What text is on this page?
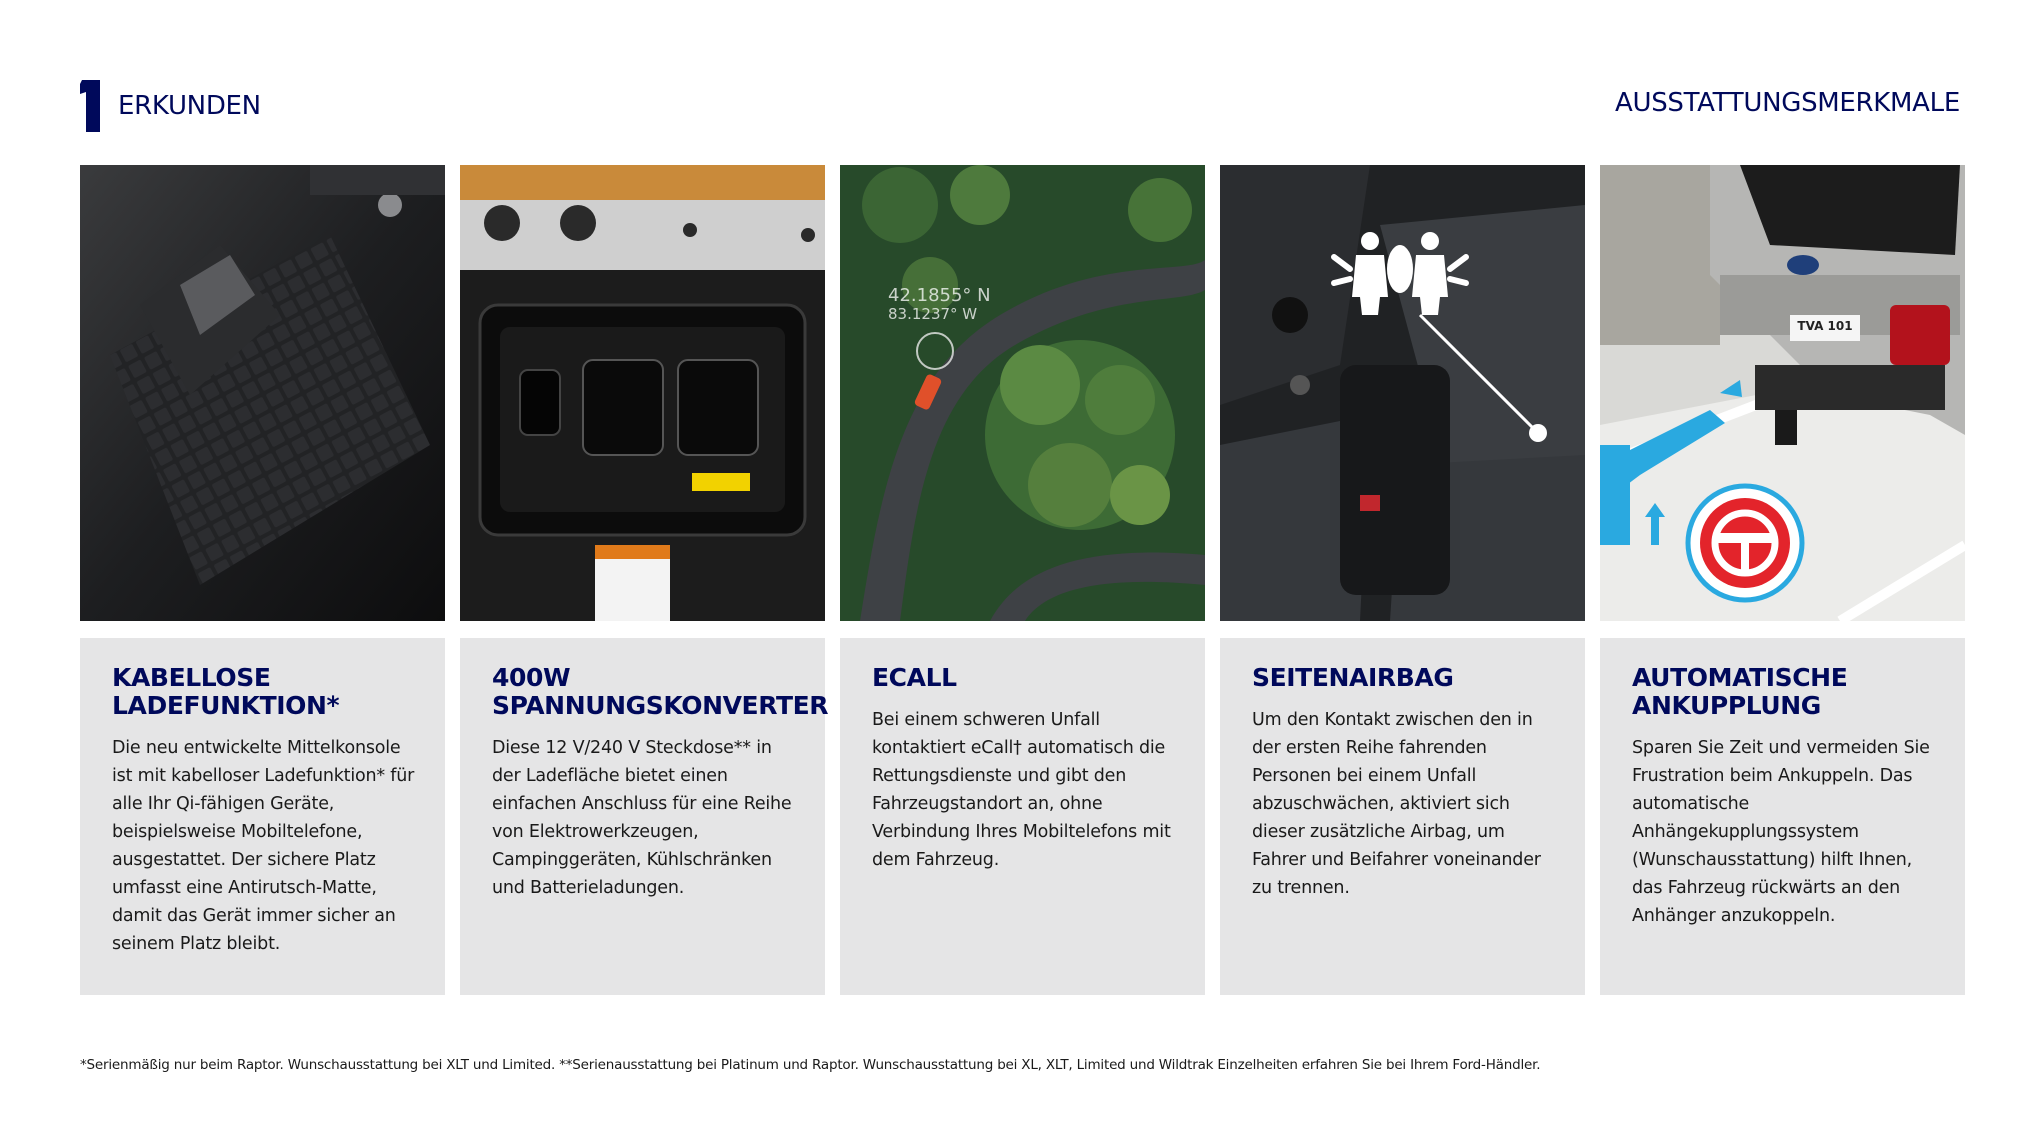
ERKUNDEN	AUSSTATTUNGSMERKMALE
KABELLOSE LADEFUNKTION*
Die neu entwickelte Mittelkonsole ist mit kabelloser Ladefunktion* für alle Ihr Qi-fähigen Geräte, beispielsweise Mobiltelefone, ausgestattet. Der sichere Platz umfasst eine Antirutsch-Matte, damit das Gerät immer sicher an seinem Platz bleibt.
400W SPANNUNGSKONVERTER
Diese 12 V/240 V Steckdose** in der Ladefläche bietet einen einfachen Anschluss für eine Reihe von Elektrowerkzeugen, Campinggeräten, Kühlschränken und Batterieladungen.
42.1855° N
83.1237° W
ECALL
Bei einem schweren Unfall kontaktiert eCall† automatisch die Rettungsdienste und gibt den Fahrzeugstandort an, ohne Verbindung Ihres Mobiltelefons mit dem Fahrzeug.
SEITENAIRBAG
Um den Kontakt zwischen den in der ersten Reihe fahrenden Personen bei einem Unfall abzuschwächen, aktiviert sich dieser zusätzliche Airbag, um Fahrer und Beifahrer voneinander zu trennen.
TVA 101
AUTOMATISCHE ANKUPPLUNG
Sparen Sie Zeit und vermeiden Sie Frustration beim Ankuppeln. Das automatische Anhängekupplungssystem (Wunschausstattung) hilft Ihnen, das Fahrzeug rückwärts an den Anhänger anzukoppeln.
*Serienmäßig nur beim Raptor. Wunschausstattung bei XLT und Limited. **Serienausstattung bei Platinum und Raptor. Wunschausstattung bei XL, XLT, Limited und Wildtrak Einzelheiten erfahren Sie bei Ihrem Ford-Händler.
